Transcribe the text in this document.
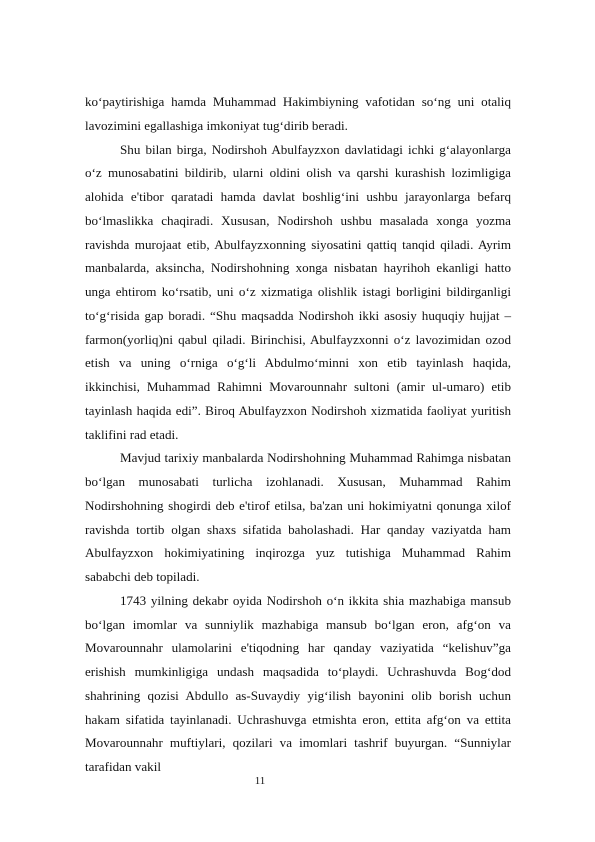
ko‘paytirishiga hamda Muhammad Hakimbiyning vafotidan so‘ng uni otaliq lavozimini egallashiga imkoniyat tug‘dirib beradi.

Shu bilan birga, Nodirshoh Abulfayzxon davlatidagi ichki g‘alayonlarga o‘z munosabatini bildirib, ularni oldini olish va qarshi kurashish lozimligiga alohida e'tibor qaratadi hamda davlat boshlig‘ini ushbu jarayonlarga befarq bo‘lmaslikka chaqiradi. Xususan, Nodirshoh ushbu masalada xonga yozma ravishda murojaat etib, Abulfayzxonning siyosatini qattiq tanqid qiladi. Ayrim manbalarda, aksincha, Nodirshohning xonga nisbatan hayrihoh ekanligi hatto unga ehtirom ko‘rsatib, uni o‘z xizmatiga olishlik istagi borligini bildirganligi to‘g‘risida gap boradi. “Shu maqsadda Nodirshoh ikki asosiy huquqiy hujjat – farmon(yorliq)ni qabul qiladi. Birinchisi, Abulfayzxonni o‘z lavozimidan ozod etish va uning o‘rniga o‘g‘li Abdulmo‘minni xon etib tayinlash haqida, ikkinchisi, Muhammad Rahimni Movarounnahr sultoni (amir ul-umaro) etib tayinlash haqida edi”. Biroq Abulfayzxon Nodirshoh xizmatida faoliyat yuritish taklifini rad etadi.

Mavjud tarixiy manbalarda Nodirshohning Muhammad Rahimga nisbatan bo‘lgan munosabati turlicha izohlanadi. Xususan, Muhammad Rahim Nodirshohning shogirdi deb e'tirof etilsa, ba'zan uni hokimiyatni qonunga xilof ravishda tortib olgan shaxs sifatida baholashadi. Har qanday vaziyatda ham Abulfayzxon hokimiyatining inqirozga yuz tutishiga Muhammad Rahim sababchi deb topiladi.

1743 yilning dekabr oyida Nodirshoh o‘n ikkita shia mazhabiga mansub bo‘lgan imomlar va sunniylik mazhabiga mansub bo‘lgan eron, afg‘on va Movarounnahr ulamolarini e'tiqodning har qanday vaziyatida “kelishuv”ga erishish mumkinligiga undash maqsadida to‘playdi. Uchrashuvda Bog‘dod shahrining qozisi Abdullo as-Suvaydiy yig‘ilish bayonini olib borish uchun hakam sifatida tayinlanadi. Uchrashuvga etmishta eron, ettita afg‘on va ettita Movarounnahr muftiylari, qozilari va imomlari tashrif buyurgan. “Sunniylar tarafidan vakil

11
